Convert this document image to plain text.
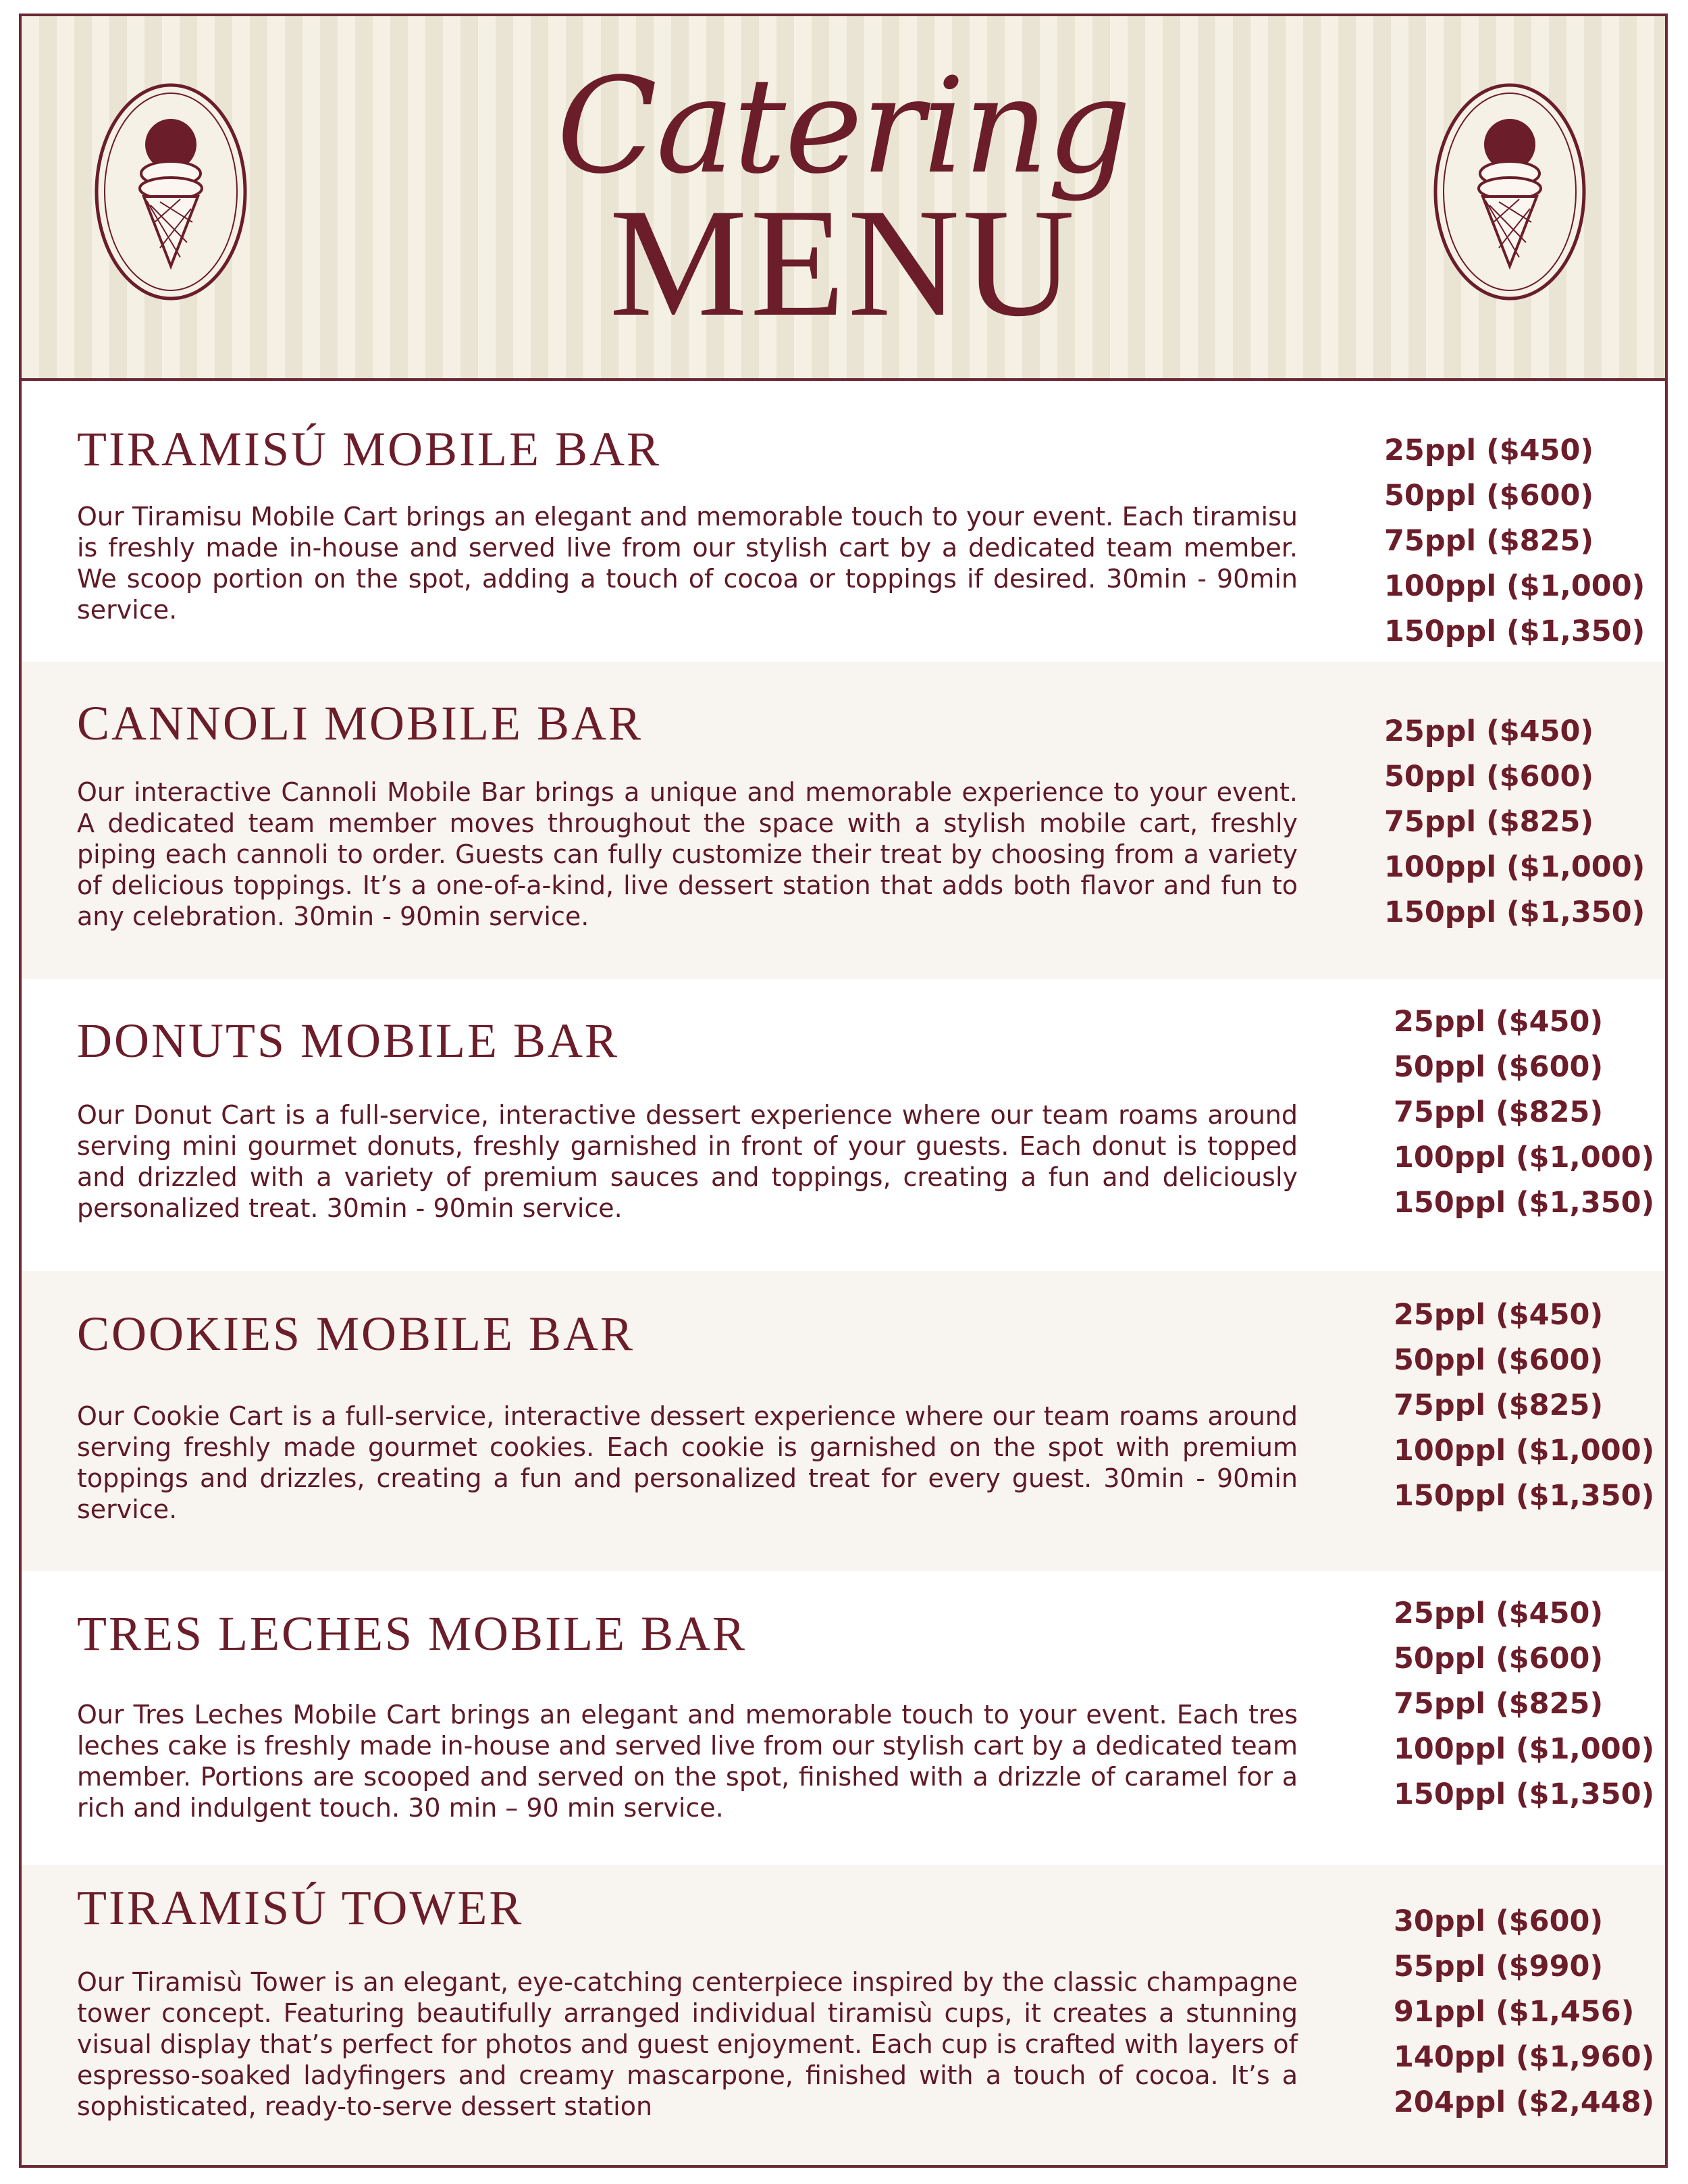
Catering
MENU
TIRAMISÚ MOBILE BAR
Our Tiramisu Mobile Cart brings an elegant and memorable touch to your event. Each tiramisu is freshly made in-house and served live from our stylish cart by a dedicated team member. We scoop portion on the spot, adding a touch of cocoa or toppings if desired. 30min - 90min service.
25ppl ($450)
50ppl ($600)
75ppl ($825)
100ppl ($1,000)
150ppl ($1,350)
CANNOLI MOBILE BAR
Our interactive Cannoli Mobile Bar brings a unique and memorable experience to your event. A dedicated team member moves throughout the space with a stylish mobile cart, freshly piping each cannoli to order. Guests can fully customize their treat by choosing from a variety of delicious toppings. It’s a one-of-a-kind, live dessert station that adds both flavor and fun to any celebration. 30min - 90min service.
25ppl ($450)
50ppl ($600)
75ppl ($825)
100ppl ($1,000)
150ppl ($1,350)
DONUTS MOBILE BAR
Our Donut Cart is a full-service, interactive dessert experience where our team roams around serving mini gourmet donuts, freshly garnished in front of your guests. Each donut is topped and drizzled with a variety of premium sauces and toppings, creating a fun and deliciously personalized treat. 30min - 90min service.
25ppl ($450)
50ppl ($600)
75ppl ($825)
100ppl ($1,000)
150ppl ($1,350)
COOKIES MOBILE BAR
Our Cookie Cart is a full-service, interactive dessert experience where our team roams around serving freshly made gourmet cookies. Each cookie is garnished on the spot with premium toppings and drizzles, creating a fun and personalized treat for every guest. 30min - 90min service.
25ppl ($450)
50ppl ($600)
75ppl ($825)
100ppl ($1,000)
150ppl ($1,350)
TRES LECHES MOBILE BAR
Our Tres Leches Mobile Cart brings an elegant and memorable touch to your event. Each tres leches cake is freshly made in-house and served live from our stylish cart by a dedicated team member. Portions are scooped and served on the spot, finished with a drizzle of caramel for a rich and indulgent touch. 30 min – 90 min service.
25ppl ($450)
50ppl ($600)
75ppl ($825)
100ppl ($1,000)
150ppl ($1,350)
TIRAMISÚ TOWER
Our Tiramisù Tower is an elegant, eye-catching centerpiece inspired by the classic champagne tower concept. Featuring beautifully arranged individual tiramisù cups, it creates a stunning visual display that’s perfect for photos and guest enjoyment. Each cup is crafted with layers of espresso-soaked ladyfingers and creamy mascarpone, finished with a touch of cocoa. It’s a sophisticated, ready-to-serve dessert station
30ppl ($600)
55ppl ($990)
91ppl ($1,456)
140ppl ($1,960)
204ppl ($2,448)
